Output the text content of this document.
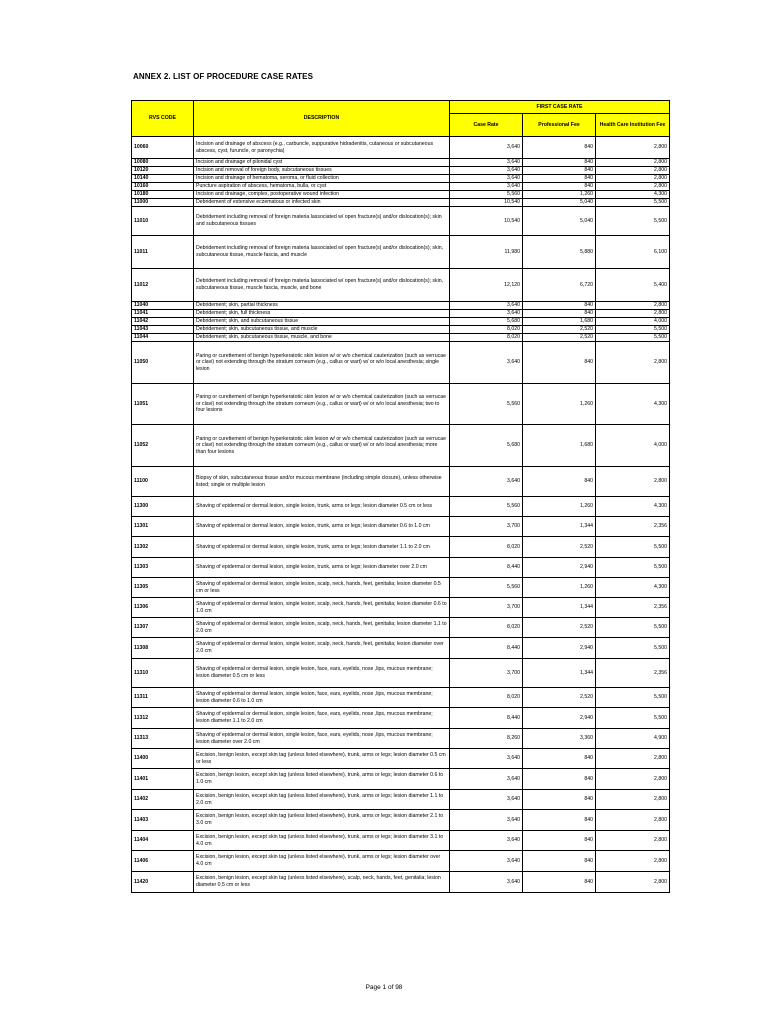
ANNEX 2. LIST OF PROCEDURE CASE RATES
RVS CODE	DESCRIPTION	FIRST CASE RATE		
		Case Rate	Professional Fee	Health Care Institution Fee
10060	Incision and drainage of abscess (e.g., carbuncle, suppurative hidradenitis, cutaneous or subcutaneous abscess, cyst, furuncle, or paronychia)	3,640	840	2,800
10080	Incision and drainage of pilonidal cyst	3,640	840	2,800
10120	Incision and removal of foreign body, subcutaneous tissues	3,640	840	2,800
10140	Incision and drainage of hematoma, seroma, or fluid collection	3,640	840	2,800
10160	Puncture aspiration of abscess, hematoma, bulla, or cyst	3,640	840	2,800
10180	Incision and drainage, complex, postoperative wound infection	5,560	1,260	4,300
11000	Debridement of extensive eczematous or infected skin	10,540	5,040	5,500
11010	Debridement including removal of foreign materia lassociated w/ open fracture(s) and/or dislocation(s); skin and subcutaneous tissues	10,540	5,040	5,500
11011	Debridement including removal of foreign materia lassociated w/ open fracture(s) and/or dislocation(s); skin, subcutaneous tissue, muscle fascia, and muscle	11,980	5,880	6,100
11012	Debridement including removal of foreign materia lassociated w/ open fracture(s) and/or dislocation(s); skin, subcutaneous tissue, muscle fascia, muscle, and bone	12,120	6,720	5,400
11040	Debridement; skin, partial thickness	3,640	840	2,800
11041	Debridement; skin, full thickness	3,640	840	2,800
11042	Debridement; skin, and subcutaneous tissue	5,680	1,680	4,000
11043	Debridement; skin, subcutaneous tissue, and muscle	8,020	2,520	5,500
11044	Debridement; skin, subcutaneous tissue, muscle, and bone	8,020	2,520	5,500
11050	Paring or curettement of benign hyperkeratotic skin lesion w/ or w/o chemical cauterization (such as verrucae or clavi) not extending through the stratum corneum (e.g., callus or wart) w/ or w/o local anesthesia; single lesion	3,640	840	2,800
11051	Paring or curettement of benign hyperkeratotic skin lesion w/ or w/o chemical cauterization (such as verrucae or clavi) not extending through the stratum corneum (e.g., callus or wart) w/ or w/o local anesthesia; two to four lesions	5,560	1,260	4,300
11052	Paring or curettement of benign hyperkeratotic skin lesion w/ or w/o chemical cauterization (such as verrucae or clavi) not extending through the stratum corneum (e.g., callus or wart) w/ or w/o local anesthesia; more than four lesions	5,680	1,680	4,000
11100	Biopsy of skin, subcutaneous tissue and/or mucous membrane (including simple closure), unless otherwise listed; single or multiple lesion	3,640	840	2,800
11300	Shaving of epidermal or dermal lesion, single lesion, trunk, arms or legs; lesion diameter 0.5 cm or less	5,560	1,260	4,300
11301	Shaving of epidermal or dermal lesion, single lesion, trunk, arms or legs; lesion diameter 0.6 to 1.0 cm	3,700	1,344	2,356
11302	Shaving of epidermal or dermal lesion, single lesion, trunk, arms or legs; lesion diameter 1.1 to 2.0 cm	8,020	2,520	5,500
11303	Shaving of epidermal or dermal lesion, single lesion, trunk, arms or legs; lesion diameter over 2.0 cm	8,440	2,940	5,500
11305	Shaving of epidermal or dermal lesion, single lesion, scalp, neck, hands, feet, genitalia; lesion diameter 0.5 cm or less	5,560	1,260	4,300
11306	Shaving of epidermal or dermal lesion, single lesion, scalp, neck, hands, feet, genitalia; lesion diameter 0.6 to 1.0 cm	3,700	1,344	2,356
11307	Shaving of epidermal or dermal lesion, single lesion, scalp, neck, hands, feet, genitalia; lesion diameter 1.1 to 2.0 cm	8,020	2,520	5,500
11308	Shaving of epidermal or dermal lesion, single lesion, scalp, neck, hands, feet, genitalia; lesion diameter over 2.0 cm	8,440	2,940	5,500
11310	Shaving of epidermal or dermal lesion, single lesion, face, ears, eyelids, nose ,lips, mucous membrane; lesion diameter 0.5 cm or less	3,700	1,344	2,356
11311	Shaving of epidermal or dermal lesion, single lesion, face, ears, eyelids, nose ,lips, mucous membrane; lesion diameter 0.6 to 1.0 cm	8,020	2,520	5,500
11312	Shaving of epidermal or dermal lesion, single lesion, face, ears, eyelids, nose ,lips, mucous membrane; lesion diameter 1.1 to 2.0 cm	8,440	2,940	5,500
11313	Shaving of epidermal or dermal lesion, single lesion, face, ears, eyelids, nose ,lips, mucous membrane; lesion diameter over 2.0 cm	8,260	3,360	4,900
11400	Excision, benign lesion, except skin tag (unless listed elsewhere), trunk, arms or legs; lesion diameter 0.5 cm or less	3,640	840	2,800
11401	Excision, benign lesion, except skin tag (unless listed elsewhere), trunk, arms or legs; lesion diameter 0.6 to 1.0 cm	3,640	840	2,800
11402	Excision, benign lesion, except skin tag (unless listed elsewhere), trunk, arms or legs; lesion diameter 1.1 to 2.0 cm	3,640	840	2,800
11403	Excision, benign lesion, except skin tag (unless listed elsewhere), trunk, arms or legs; lesion diameter 2.1 to 3.0 cm	3,640	840	2,800
11404	Excision, benign lesion, except skin tag (unless listed elsewhere), trunk, arms or legs; lesion diameter 3.1 to 4.0 cm	3,640	840	2,800
11406	Excision, benign lesion, except skin tag (unless listed elsewhere), trunk, arms or legs; lesion diameter over 4.0 cm	3,640	840	2,800
11420	Excision, benign lesion, except skin tag (unless listed elsewhere), scalp, neck, hands, feet, genitalia; lesion diameter 0.5 cm or less	3,640	840	2,800
Page 1 of 98
